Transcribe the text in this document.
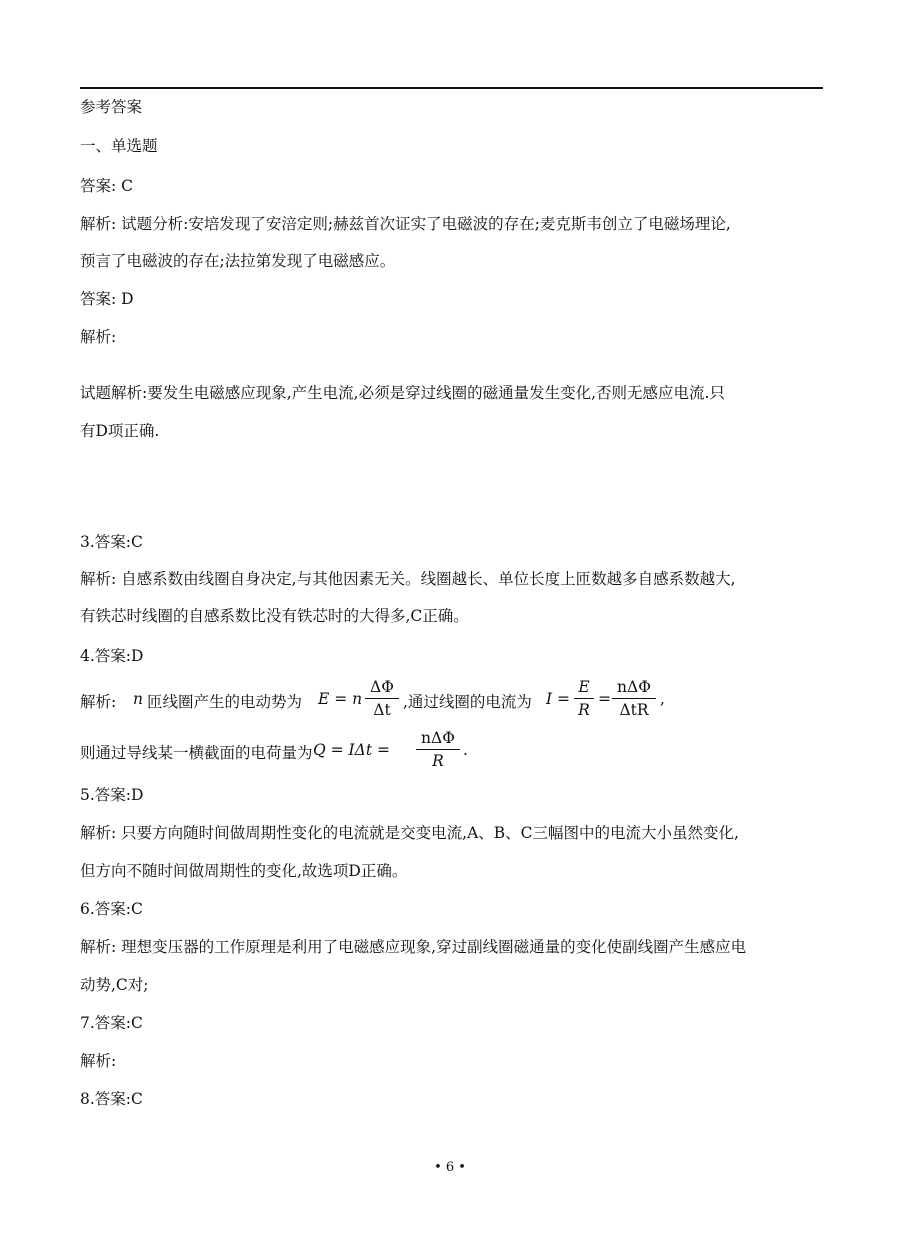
参考答案
一、单选题
答案: C
解析: 试题分析:安培发现了安涪定则;赫兹首次证实了电磁波的存在;麦克斯韦创立了电磁场理论,
预言了电磁波的存在;法拉第发现了电磁感应。
答案: D
解析:
试题解析:要发生电磁感应现象,产生电流,必须是穿过线圈的磁通量发生变化,否则无感应电流.只
有D项正确.
3.答案:C
解析: 自感系数由线圈自身决定,与其他因素无关。线圈越长、单位长度上匝数越多自感系数越大,
有铁芯时线圈的自感系数比没有铁芯时的大得多,C正确。
4.答案:D
解析: n 匝线圈产生的电动势为 E = n
ΔΦ
Δt ,通过线圈的电流为 I =
E
R
=
nΔΦ
ΔtR
,
则通过导线某一横截面的电荷量为 Q = IΔt =
nΔΦ
R
.
5.答案:D
解析: 只要方向随时间做周期性变化的电流就是交变电流,A、B、C三幅图中的电流大小虽然变化,
但方向不随时间做周期性的变化,故选项D正确。
6.答案:C
解析: 理想变压器的工作原理是利用了电磁感应现象,穿过副线圈磁通量的变化使副线圈产生感应电
动势,C对;
7.答案:C
解析:
8.答案:C
• 6 •
